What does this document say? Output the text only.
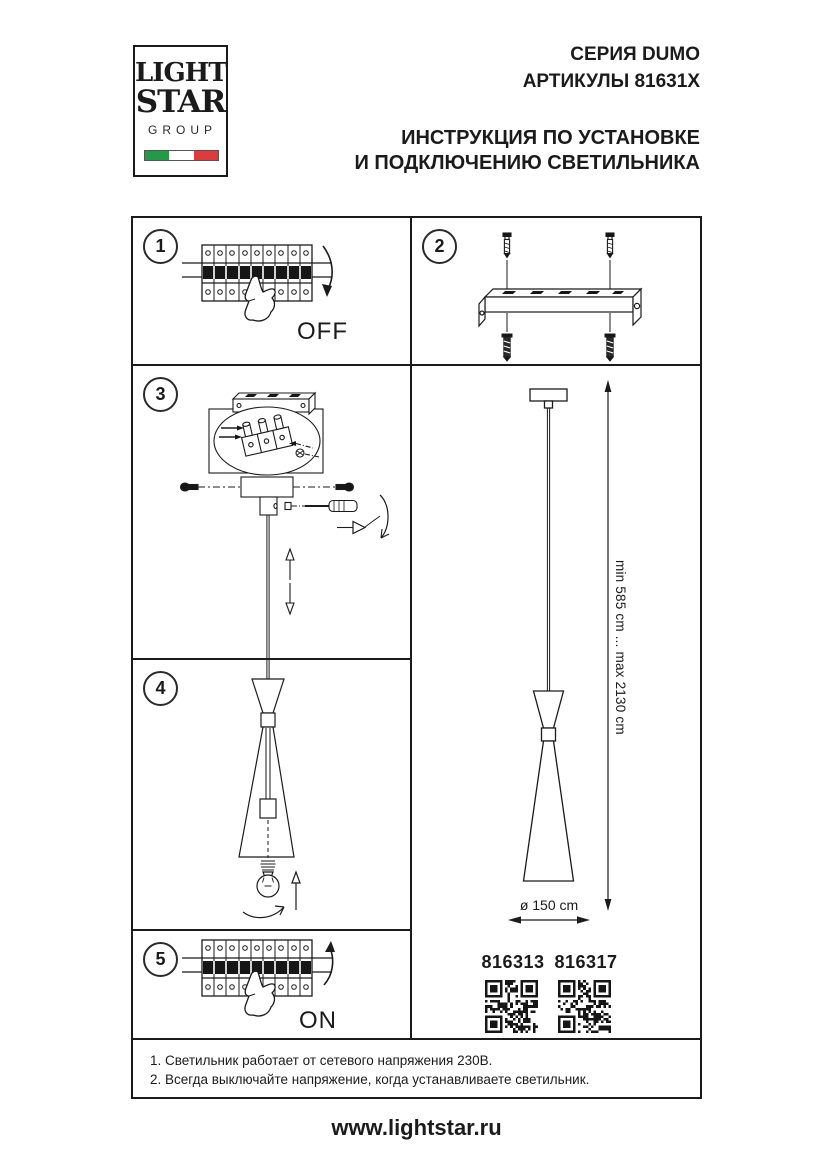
LIGHT
STAR
GROUP
СЕРИЯ DUMO
АРТИКУЛЫ 81631X
ИНСТРУКЦИЯ ПО УСТАНОВКЕ
И ПОДКЛЮЧЕНИЮ СВЕТИЛЬНИКА
1
OFF
2
3
4
5
ON
min 585 cm ... max 2130 cm
ø 150 cm
816313 816317
1. Светильник работает от сетевого напряжения 230В.
2. Всегда выключайте напряжение, когда устанавливаете светильник.
www.lightstar.ru
